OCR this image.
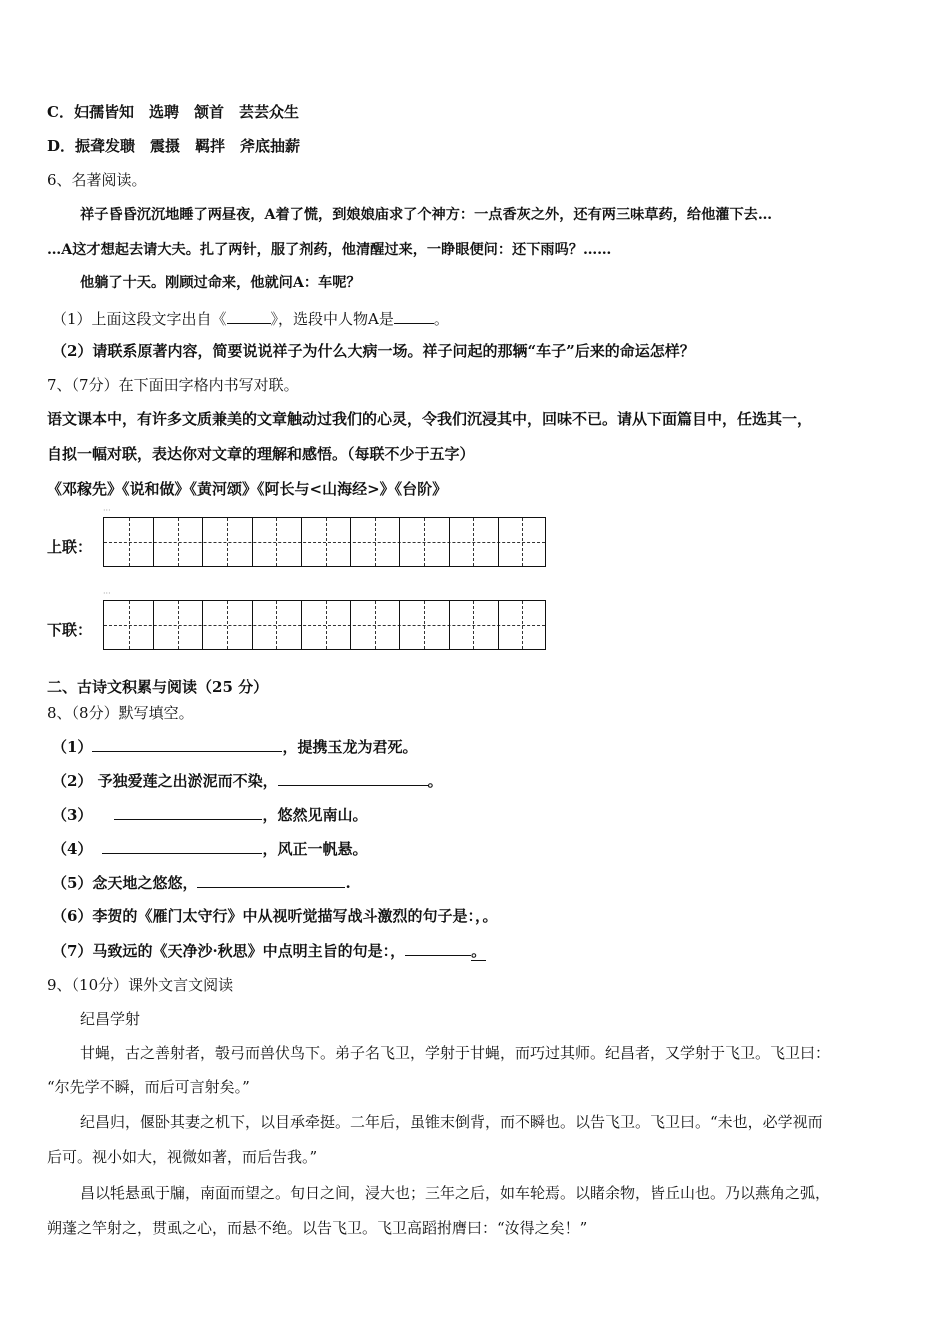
C．妇孺皆知　选聘　颔首　芸芸众生
D．振聋发聩　震摄　羁拌　斧底抽薪
6、名著阅读。
祥子昏昏沉沉地睡了两昼夜，A着了慌，到娘娘庙求了个神方：一点香灰之外，还有两三味草药，给他灌下去…
…A这才想起去请大夫。扎了两针，服了剂药，他清醒过来，一睁眼便问：还下雨吗？……
他躺了十天。刚顾过命来，他就问A：车呢？
（1）上面这段文字出自《	》，选段中人物A是	。
（2）请联系原著内容，简要说说祥子为什么大病一场。祥子问起的那辆“车子”后来的命运怎样？
7、（7分）在下面田字格内书写对联。
语文课本中，有许多文质兼美的文章触动过我们的心灵，令我们沉浸其中，回味不已。请从下面篇目中，任选其一，
自拟一幅对联，表达你对文章的理解和感悟。（每联不少于五字）
《邓稼先》《说和做》《黄河颂》《阿长与<山海经>》《台阶》
···
上联：
···
下联：
二、古诗文积累与阅读（25 分）
8、（8分）默写填空。
（1）	，提携玉龙为君死。
（2） 予独爱莲之出淤泥而不染，	。
（3）	，悠然见南山。
（4）	，风正一帆悬。
（5）念天地之悠悠，	.
（6）李贺的《雁门太守行》中从视听觉描写战斗激烈的句子是：，。
（7）马致远的《天净沙·秋思》中点明主旨的句是：，	。
9、（10分）课外文言文阅读
纪昌学射
甘蝇，古之善射者，彀弓而兽伏鸟下。弟子名飞卫，学射于甘蝇，而巧过其师。纪昌者，又学射于飞卫。飞卫曰：
“尔先学不瞬，而后可言射矣。”
纪昌归，偃卧其妻之机下，以目承牵挺。二年后，虽锥末倒背，而不瞬也。以告飞卫。飞卫曰。“未也，必学视而
后可。视小如大，视微如著，而后告我。”
昌以牦悬虱于牖，南面而望之。旬日之间，浸大也；三年之后，如车轮焉。以睹余物，皆丘山也。乃以燕角之弧，
朔蓬之竿射之，贯虱之心，而悬不绝。以告飞卫。飞卫高蹈拊膺曰：“汝得之矣！”
